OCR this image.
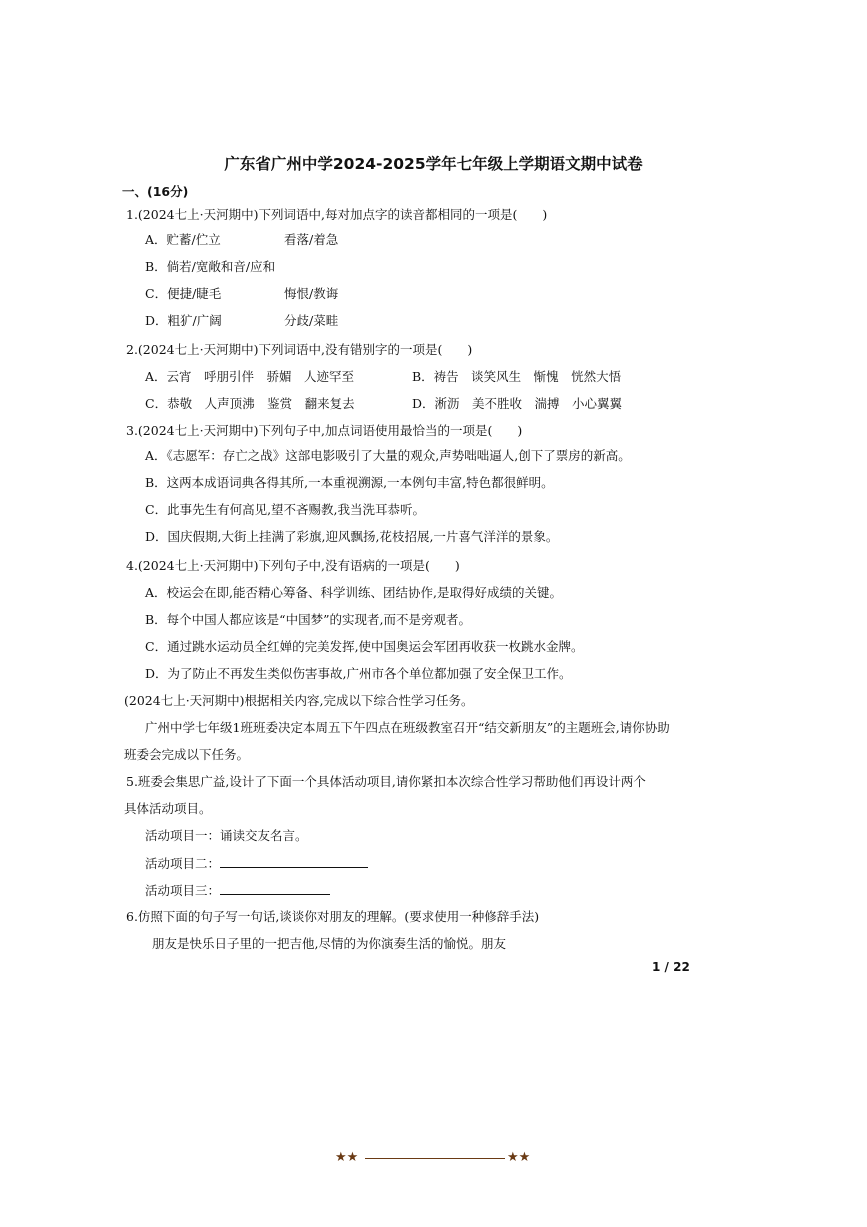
广东省广州中学2024-2025学年七年级上学期语文期中试卷
一、(16分)
1.(2024七上·天河期中)下列词语中,每对加点字的读音都相同的一项是(　　)
A．贮蓄/伫立	看落/着急
B．倘若/宽敞和音/应和
C．便捷/睫毛	悔恨/教诲
D．粗犷/广阔	分歧/菜畦
2.(2024七上·天河期中)下列词语中,没有错别字的一项是(　　)
A．云宵　呼朋引伴　骄媚　人迹罕至	B．祷告　谈笑风生　惭愧　恍然大悟
C．恭敬　人声顶沸　鉴赏　翻来复去	D．淅沥　美不胜收　湍搏　小心翼翼
3.(2024七上·天河期中)下列句子中,加点词语使用最恰当的一项是(　　)
A．《志愿军：存亡之战》这部电影吸引了大量的观众,声势咄咄逼人,创下了票房的新高。
B．这两本成语词典各得其所,一本重视溯源,一本例句丰富,特色都很鲜明。
C．此事先生有何高见,望不吝赐教,我当洗耳恭听。
D．国庆假期,大街上挂满了彩旗,迎风飘扬,花枝招展,一片喜气洋洋的景象。
4.(2024七上·天河期中)下列句子中,没有语病的一项是(　　)
A．校运会在即,能否精心筹备、科学训练、团结协作,是取得好成绩的关键。
B．每个中国人都应该是“中国梦”的实现者,而不是旁观者。
C．通过跳水运动员全红婵的完美发挥,使中国奥运会军团再收获一枚跳水金牌。
D．为了防止不再发生类似伤害事故,广州市各个单位都加强了安全保卫工作。
(2024七上·天河期中)根据相关内容,完成以下综合性学习任务。
广州中学七年级1班班委决定本周五下午四点在班级教室召开“结交新朋友”的主题班会,请你协助
班委会完成以下任务。
5.班委会集思广益,设计了下面一个具体活动项目,请你紧扣本次综合性学习帮助他们再设计两个
具体活动项目。
活动项目一：诵读交友名言。
活动项目二：
活动项目三：
6.仿照下面的句子写一句话,谈谈你对朋友的理解。(要求使用一种修辞手法)
朋友是快乐日子里的一把吉他,尽情的为你演奏生活的愉悦。朋友
1 / 22
★★	★★
